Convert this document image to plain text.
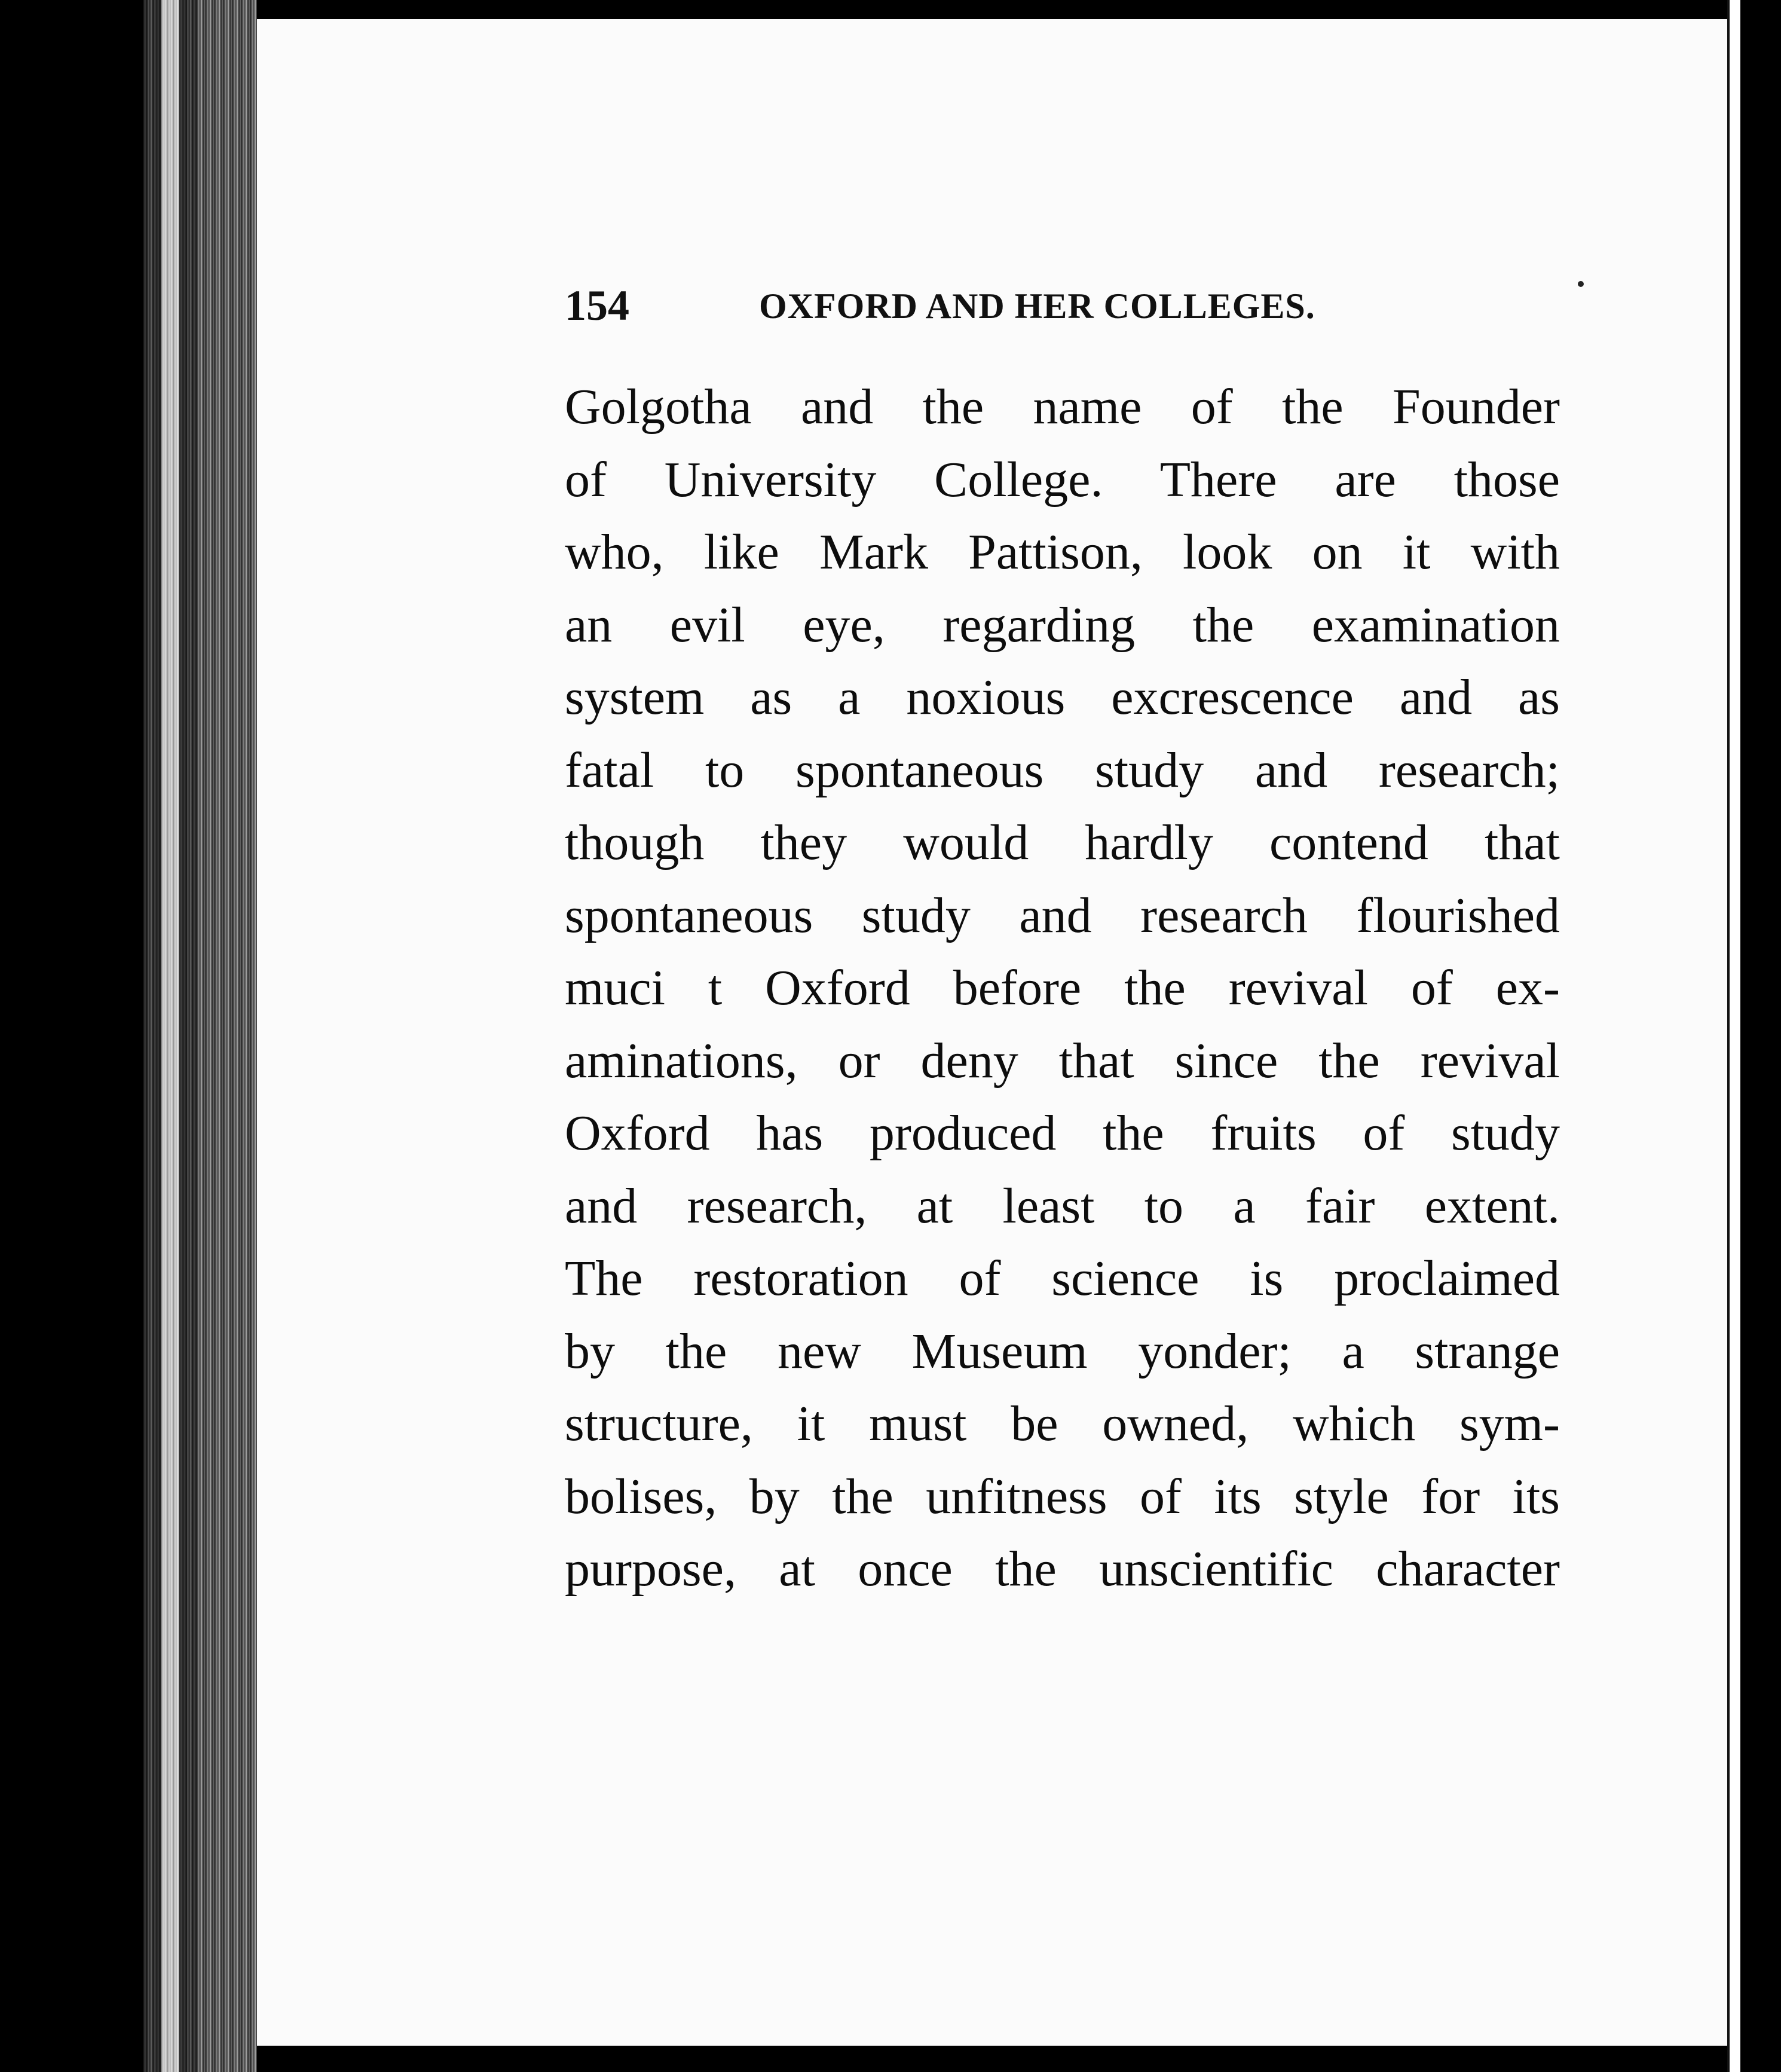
154	OXFORD AND HER COLLEGES.
Golgotha and the name of the Founder
of University College. There are those
who, like Mark Pattison, look on it with
an evil eye, regarding the examination
system as a noxious excrescence and as
fatal to spontaneous study and research;
though they would hardly contend that
spontaneous study and research flourished
muci t Oxford before the revival of ex-
aminations, or deny that since the revival
Oxford has produced the fruits of study
and research, at least to a fair extent.
The restoration of science is proclaimed
by the new Museum yonder; a strange
structure, it must be owned, which sym-
bolises, by the unfitness of its style for its
purpose, at once the unscientific character
